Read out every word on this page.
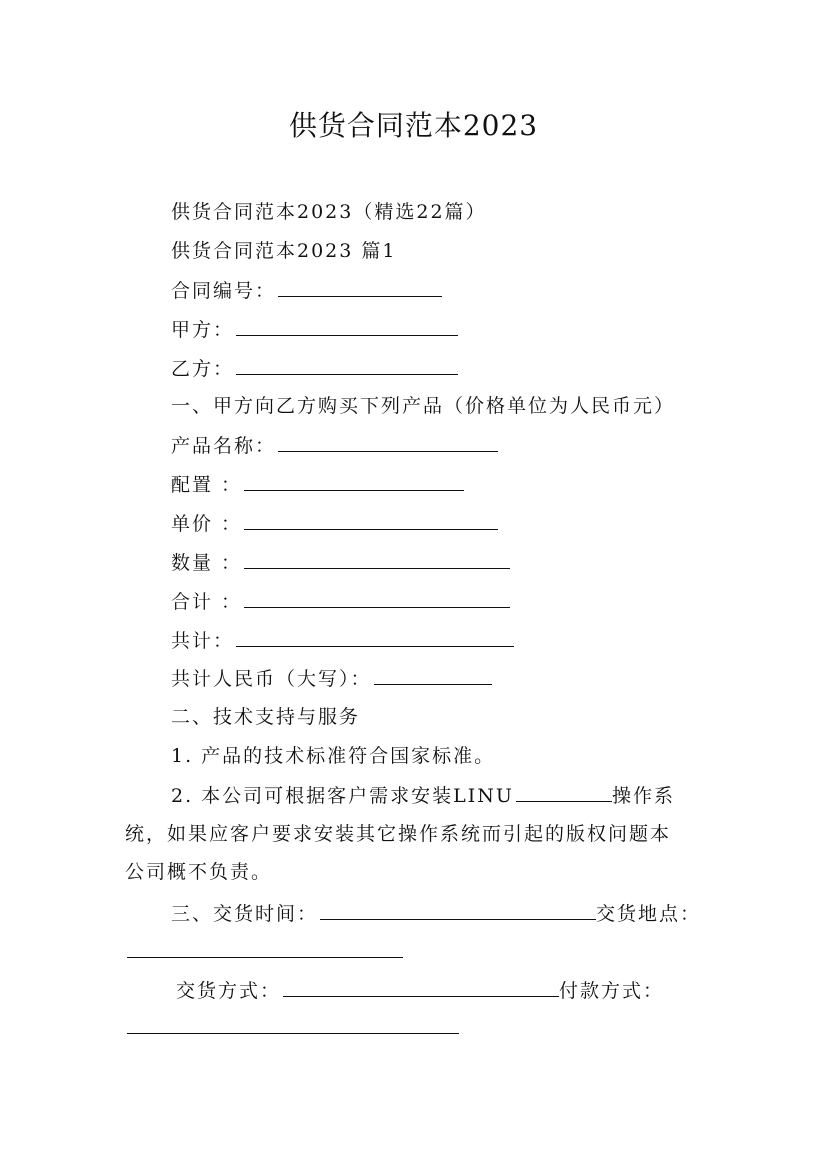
供货合同范本2023
供货合同范本2023（精选22篇）
供货合同范本2023 篇1
合同编号：
甲方：
乙方：
一、甲方向乙方购买下列产品（价格单位为人民币元）
产品名称：
配置 ：
单价 ：
数量 ：
合计 ：
共计：
共计人民币（大写）：
二、技术支持与服务
1. 产品的技术标准符合国家标准。
2. 本公司可根据客户需求安装LINU	操作系
统，如果应客户要求安装其它操作系统而引起的版权问题本
公司概不负责。
三、交货时间：	交货地点：
交货方式：	付款方式：
